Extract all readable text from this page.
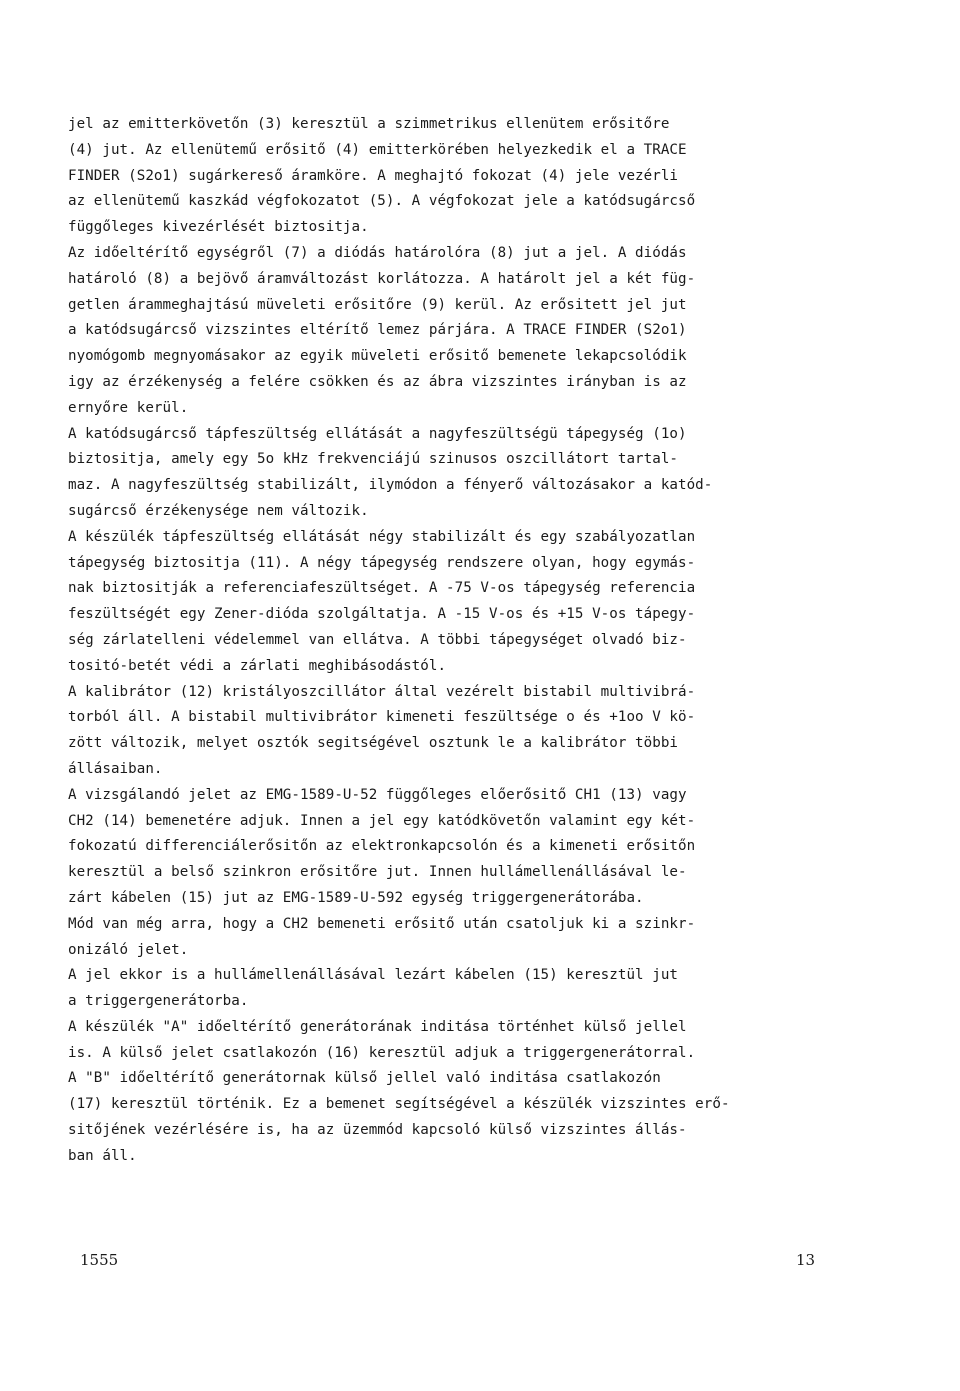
jel az emitterkövetőn (3) keresztül a szimmetrikus ellenütem erősitőre
(4) jut. Az ellenütemű erősitő (4) emitterkörében helyezkedik el a TRACE
FINDER (S2o1) sugárkereső áramköre. A meghajtó fokozat (4) jele vezérli
az ellenütemű kaszkád végfokozatot (5). A végfokozat jele a katódsugárcső
függőleges kivezérlését biztositja.
Az időeltérítő egységről (7) a diódás határolóra (8) jut a jel. A diódás
határoló (8) a bejövő áramváltozást korlátozza. A határolt jel a két füg-
getlen árammeghajtású müveleti erősitőre (9) kerül. Az erősitett jel jut
a katódsugárcső vizszintes eltérítő lemez párjára. A TRACE FINDER (S2o1)
nyomógomb megnyomásakor az egyik müveleti erősitő bemenete lekapcsolódik
igy az érzékenység a felére csökken és az ábra vizszintes irányban is az
ernyőre kerül.
A katódsugárcső tápfeszültség ellátását a nagyfeszültségü tápegység (1o)
biztositja, amely egy 5o kHz frekvenciájú szinusos oszcillátort tartal-
maz. A nagyfeszültség stabilizált, ilymódon a fényerő változásakor a katód-
sugárcső érzékenysége nem változik.
A készülék tápfeszültség ellátását négy stabilizált és egy szabályozatlan
tápegység biztositja (11). A négy tápegység rendszere olyan, hogy egymás-
nak biztositják a referenciafeszültséget. A -75 V-os tápegység referencia
feszültségét egy Zener-dióda szolgáltatja. A -15 V-os és +15 V-os tápegy-
ség zárlatelleni védelemmel van ellátva. A többi tápegységet olvadó biz-
tositó-betét védi a zárlati meghibásodástól.
A kalibrátor (12) kristályoszcillátor által vezérelt bistabil multivibrá-
torból áll. A bistabil multivibrátor kimeneti feszültsége o és +1oo V kö-
zött változik, melyet osztók segitségével osztunk le a kalibrátor többi
állásaiban.
A vizsgálandó jelet az EMG-1589-U-52 függőleges előerősitő CH1 (13) vagy
CH2 (14) bemenetére adjuk. Innen a jel egy katódkövetőn valamint egy két-
fokozatú differenciálerősitőn az elektronkapcsolón és a kimeneti erősitőn
keresztül a belső szinkron erősitőre jut. Innen hullámellenállásával le-
zárt kábelen (15) jut az EMG-1589-U-592 egység triggergenerátorába.
Mód van még arra, hogy a CH2 bemeneti erősitő után csatoljuk ki a szinkr-
onizáló jelet.
A jel ekkor is a hullámellenállásával lezárt kábelen (15) keresztül jut
a triggergenerátorba.
A készülék "A" időeltérítő generátorának inditása történhet külső jellel
is. A külső jelet csatlakozón (16) keresztül adjuk a triggergenerátorral.
A "B" időeltérítő generátornak külső jellel való inditása csatlakozón
(17) keresztül történik. Ez a bemenet segítségével a készülék vizszintes erő-
sitőjének vezérlésére is, ha az üzemmód kapcsoló külső vizszintes állás-
ban áll.
1555	13
